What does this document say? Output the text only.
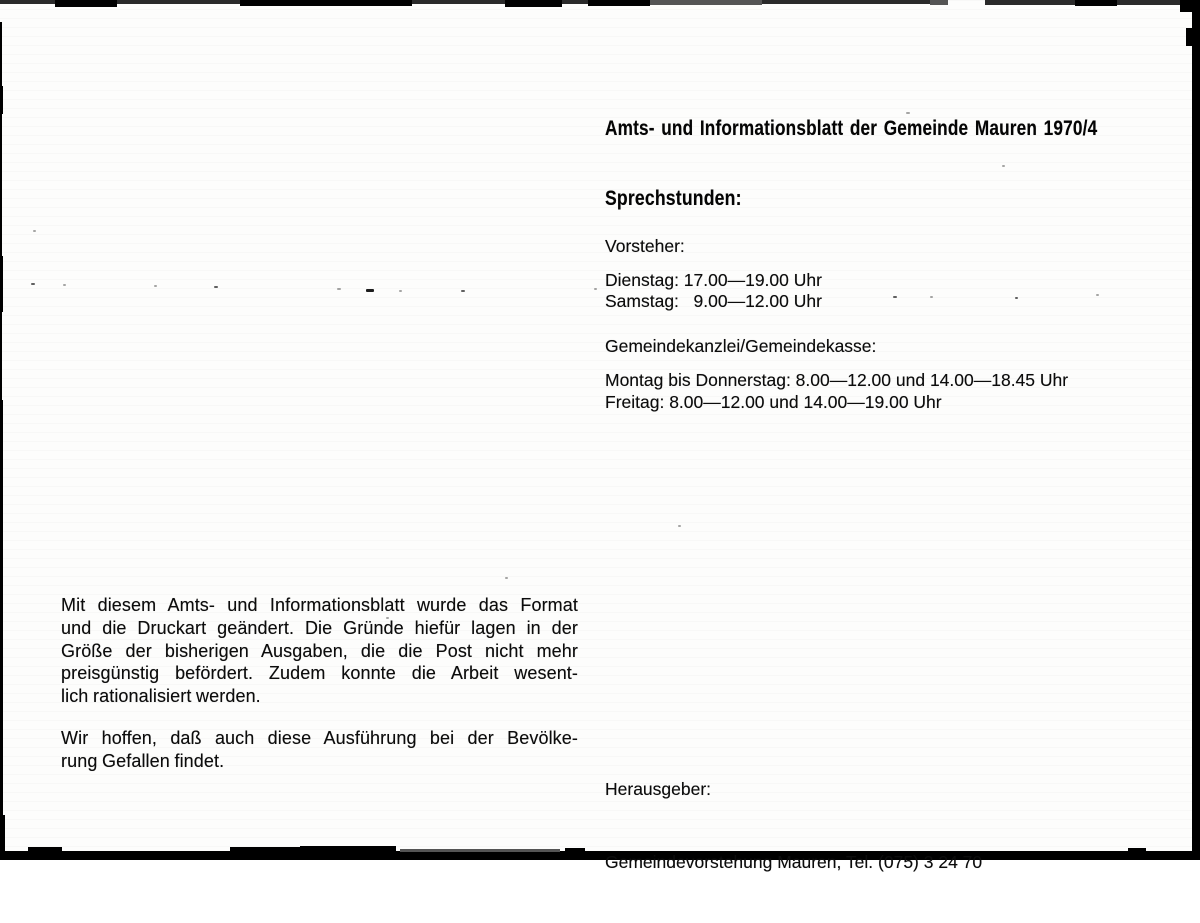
Amts- und Informationsblatt der Gemeinde Mauren 1970/4
Sprechstunden:
Vorsteher:
Dienstag: 17.00—19.00 Uhr
Samstag:   9.00—12.00 Uhr
Gemeindekanzlei/Gemeindekasse:
Montag bis Donnerstag: 8.00—12.00 und 14.00—18.45 Uhr
Freitag: 8.00—12.00 und 14.00—19.00 Uhr
Mit diesem Amts- und Informationsblatt wurde das Format
und die Druckart geändert. Die Gründe hiefür lagen in der
Größe der bisherigen Ausgaben, die die Post nicht mehr
preisgünstig befördert. Zudem konnte die Arbeit wesent-
lich rationalisiert werden.
Wir hoffen, daß auch diese Ausführung bei der Bevölke-
rung Gefallen findet.

Herausgeber:

Gemeindevorstehung Mauren, Tel. (075) 3 24 70
